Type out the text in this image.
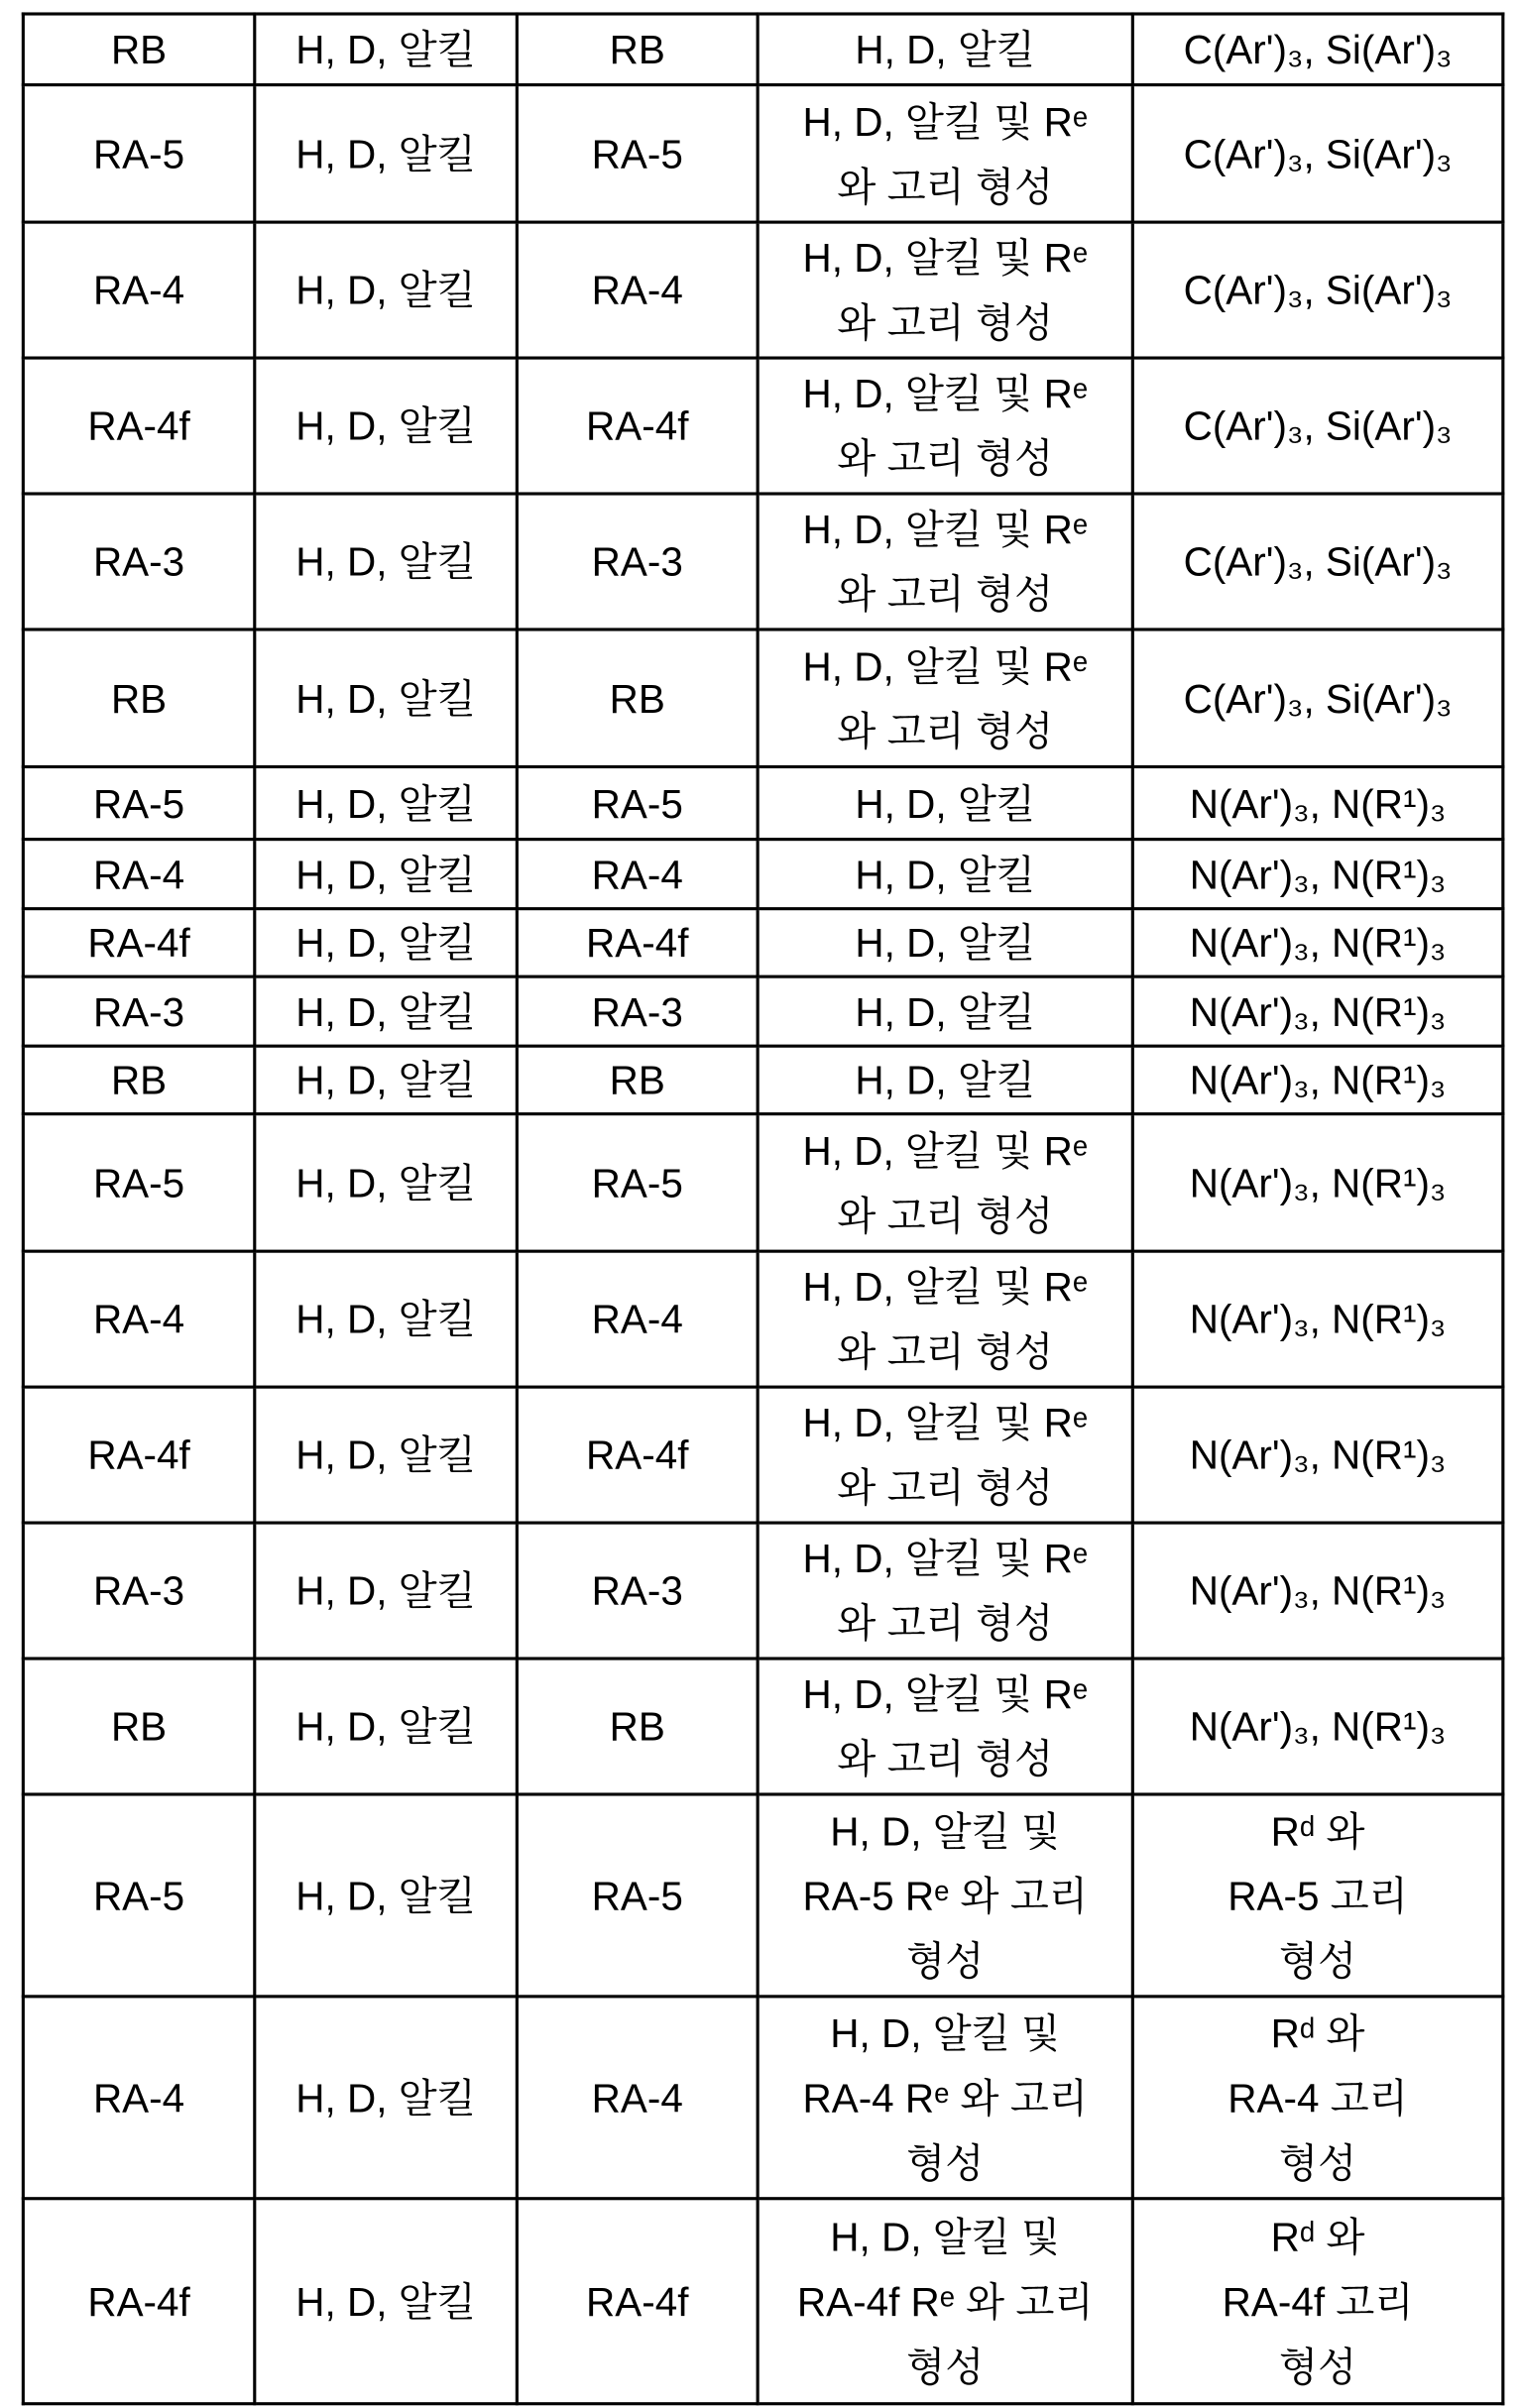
RB	H, D, 알킬	RB	H, D, 알킬	C(Ar')₃, Si(Ar')₃
RA-5	H, D, 알킬	RA-5	H, D, 알킬 및 Rᵉ
와 고리 형성	C(Ar')₃, Si(Ar')₃
RA-4	H, D, 알킬	RA-4	H, D, 알킬 및 Rᵉ
와 고리 형성	C(Ar')₃, Si(Ar')₃
RA-4f	H, D, 알킬	RA-4f	H, D, 알킬 및 Rᵉ
와 고리 형성	C(Ar')₃, Si(Ar')₃
RA-3	H, D, 알킬	RA-3	H, D, 알킬 및 Rᵉ
와 고리 형성	C(Ar')₃, Si(Ar')₃
RB	H, D, 알킬	RB	H, D, 알킬 및 Rᵉ
와 고리 형성	C(Ar')₃, Si(Ar')₃
RA-5	H, D, 알킬	RA-5	H, D, 알킬	N(Ar')₃, N(R¹)₃
RA-4	H, D, 알킬	RA-4	H, D, 알킬	N(Ar')₃, N(R¹)₃
RA-4f	H, D, 알킬	RA-4f	H, D, 알킬	N(Ar')₃, N(R¹)₃
RA-3	H, D, 알킬	RA-3	H, D, 알킬	N(Ar')₃, N(R¹)₃
RB	H, D, 알킬	RB	H, D, 알킬	N(Ar')₃, N(R¹)₃
RA-5	H, D, 알킬	RA-5	H, D, 알킬 및 Rᵉ
와 고리 형성	N(Ar')₃, N(R¹)₃
RA-4	H, D, 알킬	RA-4	H, D, 알킬 및 Rᵉ
와 고리 형성	N(Ar')₃, N(R¹)₃
RA-4f	H, D, 알킬	RA-4f	H, D, 알킬 및 Rᵉ
와 고리 형성	N(Ar')₃, N(R¹)₃
RA-3	H, D, 알킬	RA-3	H, D, 알킬 및 Rᵉ
와 고리 형성	N(Ar')₃, N(R¹)₃
RB	H, D, 알킬	RB	H, D, 알킬 및 Rᵉ
와 고리 형성	N(Ar')₃, N(R¹)₃
RA-5	H, D, 알킬	RA-5	H, D, 알킬 및
RA-5 Rᵉ 와 고리
형성	Rᵈ 와
RA-5 고리
형성
RA-4	H, D, 알킬	RA-4	H, D, 알킬 및
RA-4 Rᵉ 와 고리
형성	Rᵈ 와
RA-4 고리
형성
RA-4f	H, D, 알킬	RA-4f	H, D, 알킬 및
RA-4f Rᵉ 와 고리
형성	Rᵈ 와
RA-4f 고리
형성
